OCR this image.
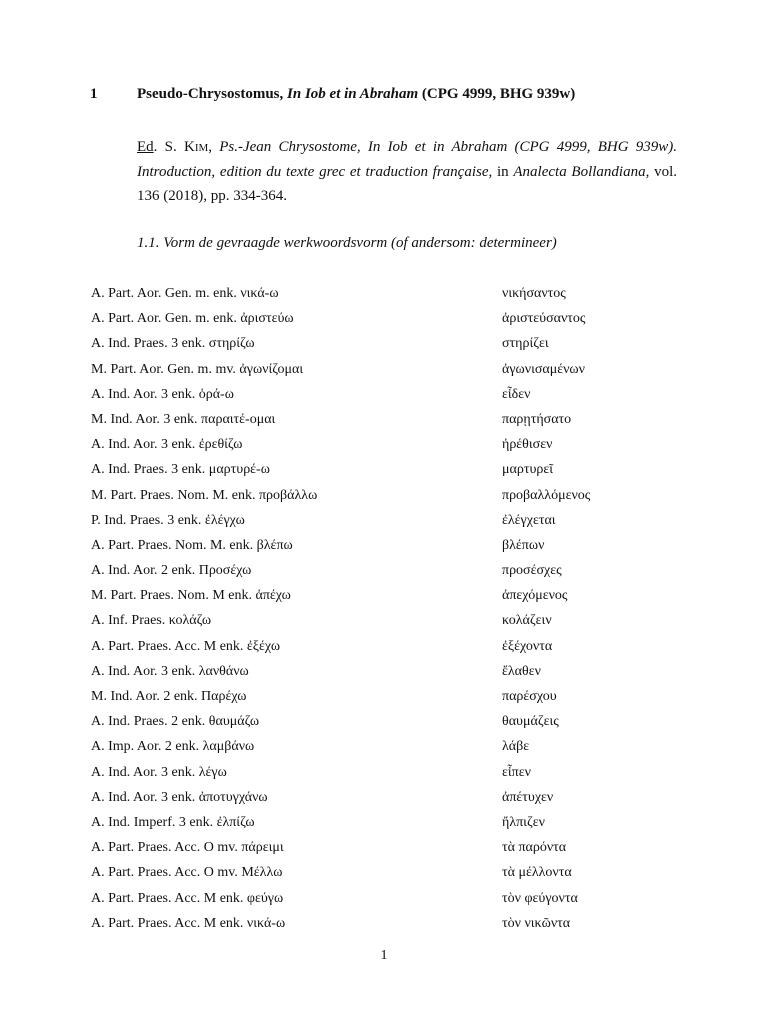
1	Pseudo-Chrysostomus, In Iob et in Abraham (CPG 4999, BHG 939w)
Ed. S. Kim, Ps.-Jean Chrysostome, In Iob et in Abraham (CPG 4999, BHG 939w). Introduction, edition du texte grec et traduction française, in Analecta Bollandiana, vol. 136 (2018), pp. 334-364.
1.1. Vorm de gevraagde werkwoordsvorm (of andersom: determineer)
A. Part. Aor. Gen. m. enk. νικά-ω	νικήσαντος
A. Part. Aor. Gen. m. enk. ἀριστεύω	ἀριστεύσαντος
A. Ind. Praes. 3 enk. στηρίζω	στηρίζει
M. Part. Aor. Gen. m. mv. ἀγωνίζομαι	ἀγωνισαμένων
A. Ind. Aor. 3 enk. ὁρά-ω	εἶδεν
M. Ind. Aor. 3 enk. παραιτέ-ομαι	παρῃτήσατο
A. Ind. Aor. 3 enk. ἐρεθίζω	ἠρέθισεν
A. Ind. Praes. 3 enk. μαρτυρέ-ω	μαρτυρεῖ
M. Part. Praes. Nom. M. enk. προβάλλω	προβαλλόμενος
P. Ind. Praes. 3 enk. ἐλέγχω	ἐλέγχεται
A. Part. Praes. Nom. M. enk. βλέπω	βλέπων
A. Ind. Aor. 2 enk. Προσέχω	προσέσχες
M. Part. Praes. Nom. M enk. ἀπέχω	ἀπεχόμενος
A. Inf. Praes. κολάζω	κολάζειν
A. Part. Praes. Acc. M enk. ἐξέχω	ἐξέχοντα
A. Ind. Aor. 3 enk. λανθάνω	ἔλαθεν
M. Ind. Aor. 2 enk. Παρέχω	παρέσχου
A. Ind. Praes. 2 enk. θαυμάζω	θαυμάζεις
A. Imp. Aor. 2 enk. λαμβάνω	λάβε
A. Ind. Aor. 3 enk. λέγω	εἶπεν
A. Ind. Aor. 3 enk. ἀποτυγχάνω	ἀπέτυχεν
A. Ind. Imperf. 3 enk. ἐλπίζω	ἤλπιζεν
A. Part. Praes. Acc. O mv. πάρειμι	τὰ παρόντα
A. Part. Praes. Acc. O mv. Μέλλω	τὰ μέλλοντα
A. Part. Praes. Acc. M enk. φεύγω	τὸν φεύγοντα
A. Part. Praes. Acc. M enk. νικά-ω	τὸν νικῶντα
1
